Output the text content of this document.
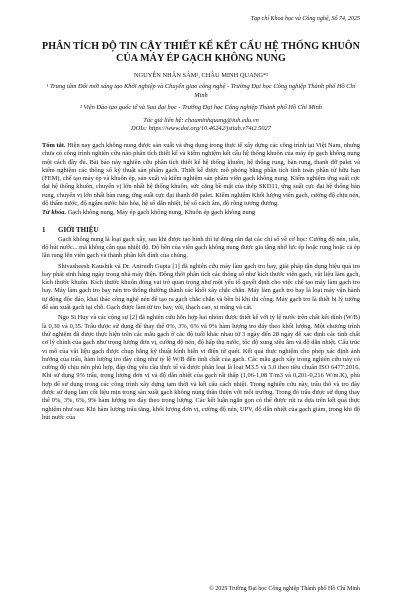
Tạp chí Khoa học và Công nghệ, Số 74, 2025
PHÂN TÍCH ĐỘ TIN CẬY THIẾT KẾ KẾT CẤU HỆ THỐNG KHUÔN CỦA MÁY ÉP GẠCH KHÔNG NUNG
NGUYỄN NHÂN SÂM¹, CHÂU MINH QUANG*²
¹ Trung tâm Đổi mới sáng tạo Khởi nghiệp và Chuyển giao công nghệ - Trường Đại học Công nghiệp Thành phố Hồ Chí Minh
² Viện Đào tạo quốc tế và Sau đại học - Trường Đại học Công nghiệp Thành phố Hồ Chí Minh
Tác giả liên hệ: chauminhquang@iuh.edu.vn
DOIs: https://www.doi.org/10.46242/jstiuh.v74i2.5027
Tóm tắt. Hiện nay gạch không nung được sản xuất và ứng dụng trong thực tế xây dựng các công trình tại Việt Nam, nhưng chưa có công trình nghiên cứu nào phân tích thiết kế và kiểm nghiệm kết cấu hệ thống khuôn của máy ép gạch không nung một cách đầy đủ. Bài báo này nghiên cứu phân tích thiết kế hệ thống khuôn, hệ thống rung, bàn rung, thanh đỡ palet và kiểm nghiệm các thông số kỹ thuật sản phẩm gạch. Thiết kế được mô phỏng bằng phần tích tính toán phần tử hữu hạn (FEM), chế tạo máy ép và khuôn ép, sản xuất và kiểm nghiệm sản phẩm viên gạch không nung. Kiểm nghiệm ứng suất cực đại hệ thống khuôn, chuyển vị lớn nhất hệ thống khuôn, sức căng bề mặt của thép SKD11, ứng suất cực đại hệ thống bàn rung, chuyển vị lớn nhất bàn rung, ứng suất cực đại thanh đỡ palet. Kiểm nghiệm Khối lượng viên gạch, cường độ chịu nén, độ thấm nước, độ ngậm nước bão hòa, hệ số dẫn nhiệt, hệ số cách âm, độ rỗng tương đương.
Từ khóa. Gạch không nung, Máy ép gạch không nung, Khuôn ép gạch không nung
1 GIỚI THIỆU
Gạch không nung là loại gạch xây, sau khi được tạo hình thì tự đóng rắn đạt các chỉ số về cơ học: Cường độ nén, uốn, độ hút nước... mà không cần qua nhiệt độ. Độ bền của viên gạch không nung được gia tăng nhờ lực ép hoặc rung hoặc cả ép lẫn rung lên viên gạch và thành phần kết dính của chúng.
Shivasheesh Kaushik và Dr. Anirudh Gupta [1] đã nghiên cứu máy làm gạch tro bay, giải pháp tận dụng hiệu quả tro bay phát sinh hàng ngày trong nhà máy điện. Đồng thời phân tích các thông số như kích thước viên gạch, vật liệu làm gạch, kích thước khuôn. Kích thước khuôn đóng vai trò quan trọng như một yếu tố quyết định cho việc chế tạo máy làm gạch tro bay. Máy làm gạch tro bay nén tro thông thường thành các khối xây chắc chắn. Máy làm gạch tro bay là loại máy vận hành tự động độc đáo, khai thác công nghệ nén để tạo ra gạch chắc chắn và bền bỉ khi thi công. Máy gạch tro là thiết bị lý tưởng để sản xuất gạch tại chỗ. Gạch được làm từ tro bay, vôi, thạch cao, xi măng và cát.
Ngo Si Huy và các cộng sự [2] đã nghiên cứu hỗn hợp hai nhóm được thiết kế với tỷ lệ nước trên chất kết dính (W/B) là 0,30 và 0,35. Trấu được sử dụng để thay thế 0%, 3%, 6% và 9% hàm lượng tro đáy theo khối lượng. Một chương trình thử nghiệm đã được thực hiện trên các mẫu gạch ở các độ tuổi khác nhau từ 3 ngày đến 28 ngày để xác định các tính chất cơ lý chính của gạch như trọng lượng đơn vị, cường độ nén, độ hấp thụ nước, tốc độ xung siêu âm và độ dẫn nhiệt. Cấu trúc vi mô của vật liệu gạch được chụp bằng kỹ thuật kính hiển vi điện tử quét. Kết quả thực nghiệm cho phép xác định ảnh hưởng của trấu, hàm lượng tro đáy cũng như tỷ lệ W/B đến tính chất của gạch. Các mẫu gạch xây trong nghiên cứu này có cường độ chịu nén phù hợp, đáp ứng yêu cầu thực tế và được phân loại là loại M3.5 và 5.0 theo tiêu chuẩn ISO 6477:2016. Khi sử dụng 9% trấu, trọng lượng đơn vị và độ dẫn nhiệt của gạch rất thấp (1,06-1,08 T/m3 và 0,201-0,216 W/m.K), phù hợp để sử dụng trong các công trình xây dựng tạm thời và kết cấu cách nhiệt. Trong nghiên cứu này, trấu thô và tro đáy được sử dụng làm cốt liệu mịn trong sản xuất gạch không nung thân thiện với môi trường. Trong đó trấu được sử dụng thay thế 0%, 3%, 6%, 9% hàm lượng tro đáy theo trọng lượng. Các kết luận ngắn gọn có thể được rút ra dựa trên kết quả thực nghiệm như sau: Khi hàm lượng trấu tăng, khối lượng đơn vị, cường độ nén, UPV, độ dẫn nhiệt của gạch giảm, trong khi độ hút nước của
© 2025 Trường Đại học Công nghiệp Thành phố Hồ Chí Minh
